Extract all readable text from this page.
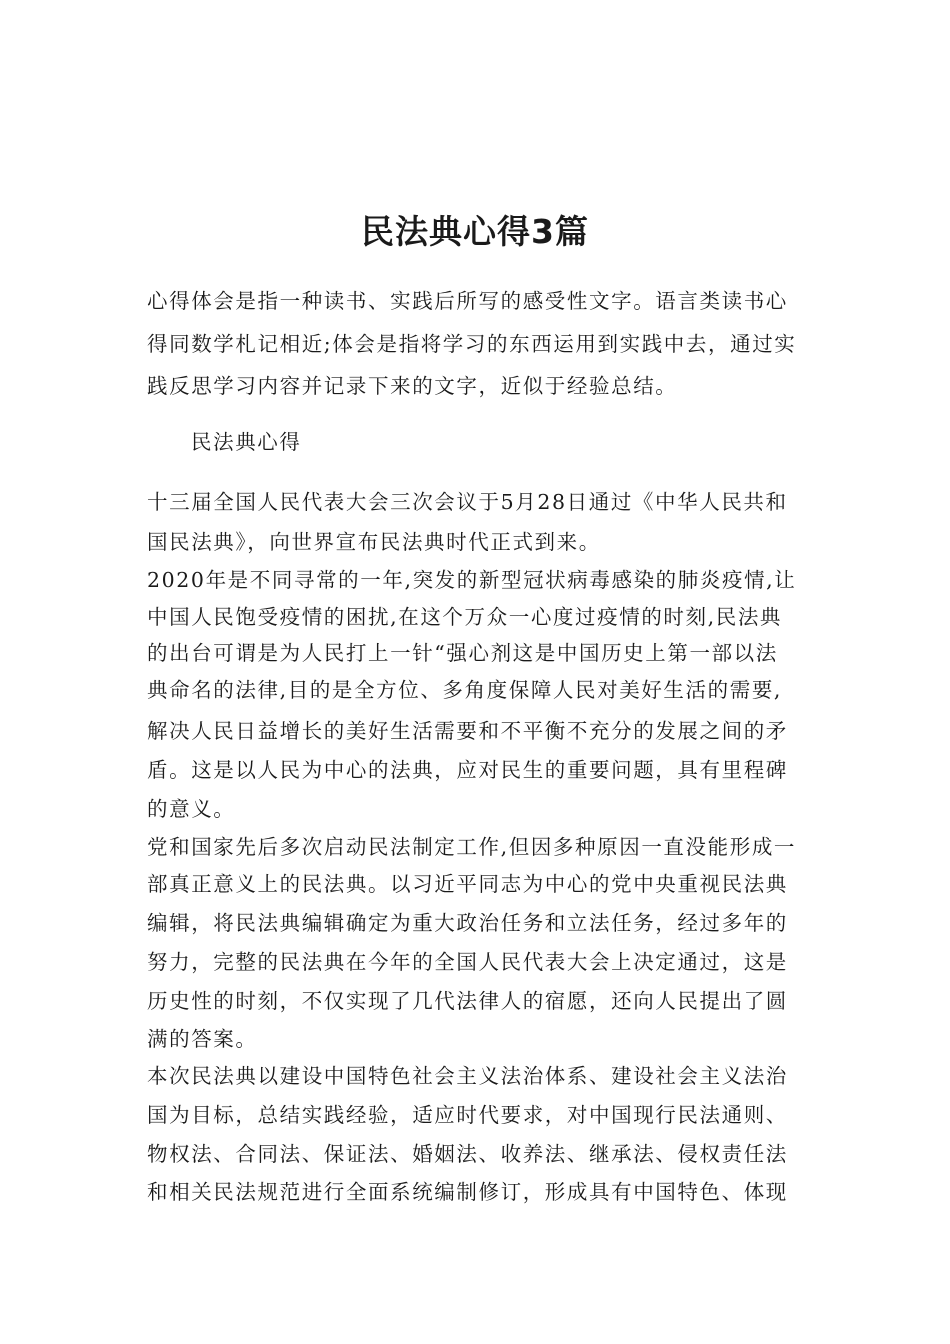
民法典心得3篇
心得体会是指一种读书、实践后所写的感受性文字。语言类读书心
得同数学札记相近;体会是指将学习的东西运用到实践中去，通过实
践反思学习内容并记录下来的文字，近似于经验总结。
民法典心得
十三届全国人民代表大会三次会议于5月28日通过《中华人民共和
国民法典》，向世界宣布民法典时代正式到来。
2020年是不同寻常的一年,突发的新型冠状病毒感染的肺炎疫情,让
中国人民饱受疫情的困扰,在这个万众一心度过疫情的时刻,民法典
的出台可谓是为人民打上一针“强心剂这是中国历史上第一部以法
典命名的法律,目的是全方位、多角度保障人民对美好生活的需要,
解决人民日益增长的美好生活需要和不平衡不充分的发展之间的矛
盾。这是以人民为中心的法典，应对民生的重要问题，具有里程碑
的意义。
党和国家先后多次启动民法制定工作,但因多种原因一直没能形成一
部真正意义上的民法典。以习近平同志为中心的党中央重视民法典
编辑，将民法典编辑确定为重大政治任务和立法任务，经过多年的
努力，完整的民法典在今年的全国人民代表大会上决定通过，这是
历史性的时刻，不仅实现了几代法律人的宿愿，还向人民提出了圆
满的答案。
本次民法典以建设中国特色社会主义法治体系、建设社会主义法治
国为目标，总结实践经验，适应时代要求，对中国现行民法通则、
物权法、合同法、保证法、婚姻法、收养法、继承法、侵权责任法
和相关民法规范进行全面系统编制修订，形成具有中国特色、体现
